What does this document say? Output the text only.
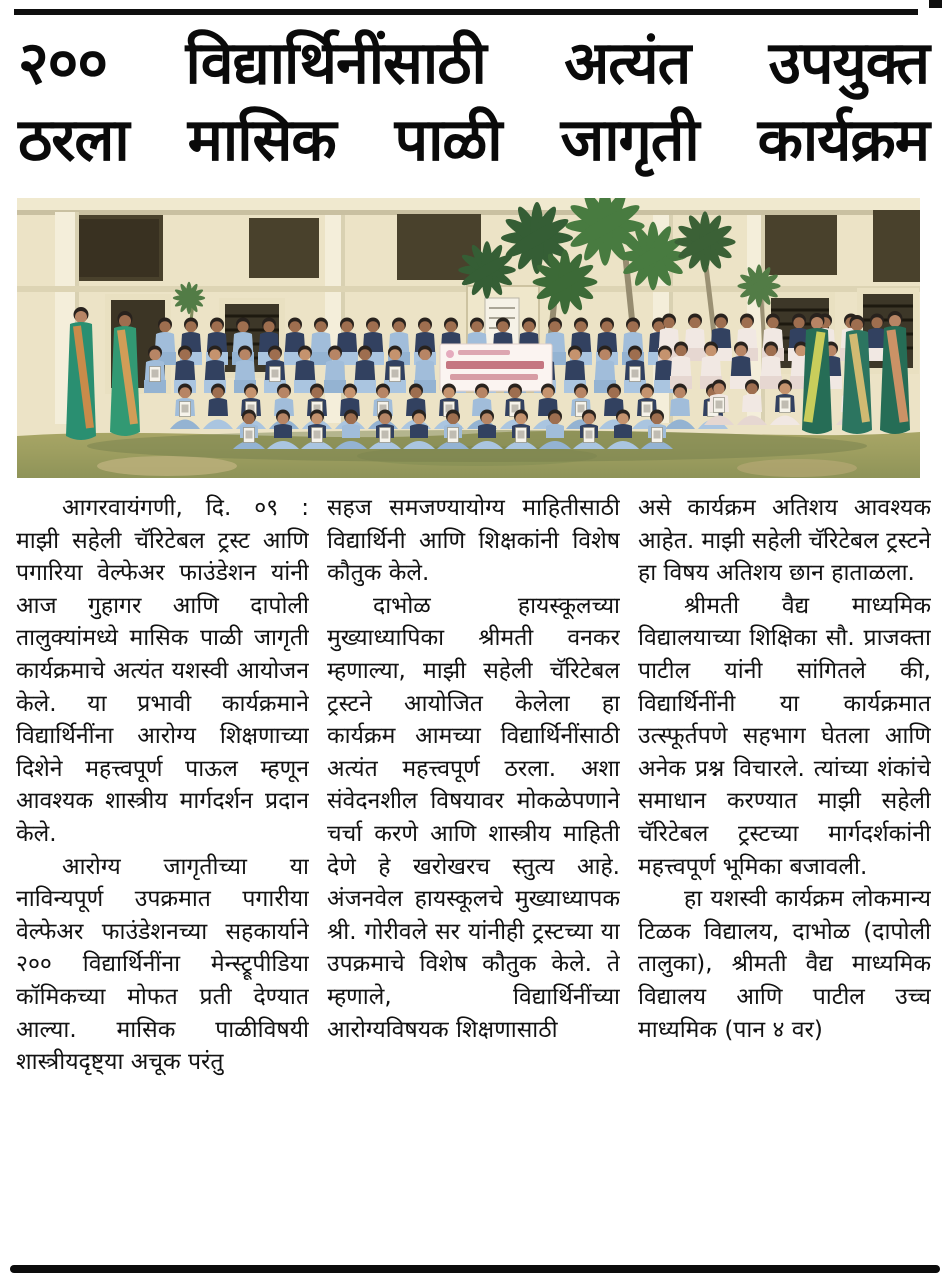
२०० विद्यार्थिनींसाठी अत्यंत उपयुक्त
ठरला मासिक पाळी जागृती कार्यक्रम

आगरवायंगणी, दि. ०९ : माझी सहेली चॅरिटेबल ट्रस्ट आणि पगारिया वेल्फेअर फाउंडेशन यांनी आज गुहागर आणि दापोली तालुक्यांमध्ये मासिक पाळी जागृती कार्यक्रमाचे अत्यंत यशस्वी आयोजन केले. या प्रभावी कार्यक्रमाने विद्यार्थिनींना आरोग्य शिक्षणाच्या दिशेने महत्त्वपूर्ण पाऊल म्हणून आवश्यक शास्त्रीय मार्गदर्शन प्रदान केले.

आरोग्य जागृतीच्या या नाविन्यपूर्ण उपक्रमात पगारीया वेल्फेअर फाउंडेशनच्या सहकार्याने २०० विद्यार्थिनींना मेन्स्ट्रूपीडिया कॉमिकच्या मोफत प्रती देण्यात आल्या. मासिक पाळीविषयी शास्त्रीयदृष्ट्या अचूक परंतु

सहज समजण्यायोग्य माहितीसाठी विद्यार्थिनी आणि शिक्षकांनी विशेष कौतुक केले.

दाभोळ हायस्कूलच्या मुख्याध्यापिका श्रीमती वनकर म्हणाल्या, माझी सहेली चॅरिटेबल ट्रस्टने आयोजित केलेला हा कार्यक्रम आमच्या विद्यार्थिनींसाठी अत्यंत महत्त्वपूर्ण ठरला. अशा संवेदनशील विषयावर मोकळेपणाने चर्चा करणे आणि शास्त्रीय माहिती देणे हे खरोखरच स्तुत्य आहे. अंजनवेल हायस्कूलचे मुख्याध्यापक श्री. गोरीवले सर यांनीही ट्रस्टच्या या उपक्रमाचे विशेष कौतुक केले. ते म्हणाले, विद्यार्थिनींच्या आरोग्यविषयक शिक्षणासाठी

असे कार्यक्रम अतिशय आवश्यक आहेत. माझी सहेली चॅरिटेबल ट्रस्टने हा विषय अतिशय छान हाताळला.

श्रीमती वैद्य माध्यमिक विद्यालयाच्या शिक्षिका सौ. प्राजक्ता पाटील यांनी सांगितले की, विद्यार्थिनींनी या कार्यक्रमात उत्स्फूर्तपणे सहभाग घेतला आणि अनेक प्रश्न विचारले. त्यांच्या शंकांचे समाधान करण्यात माझी सहेली चॅरिटेबल ट्रस्टच्या मार्गदर्शकांनी महत्त्वपूर्ण भूमिका बजावली.

हा यशस्वी कार्यक्रम लोकमान्य टिळक विद्यालय, दाभोळ (दापोली तालुका), श्रीमती वैद्य माध्यमिक विद्यालय आणि पाटील उच्च माध्यमिक (पान ४ वर)
